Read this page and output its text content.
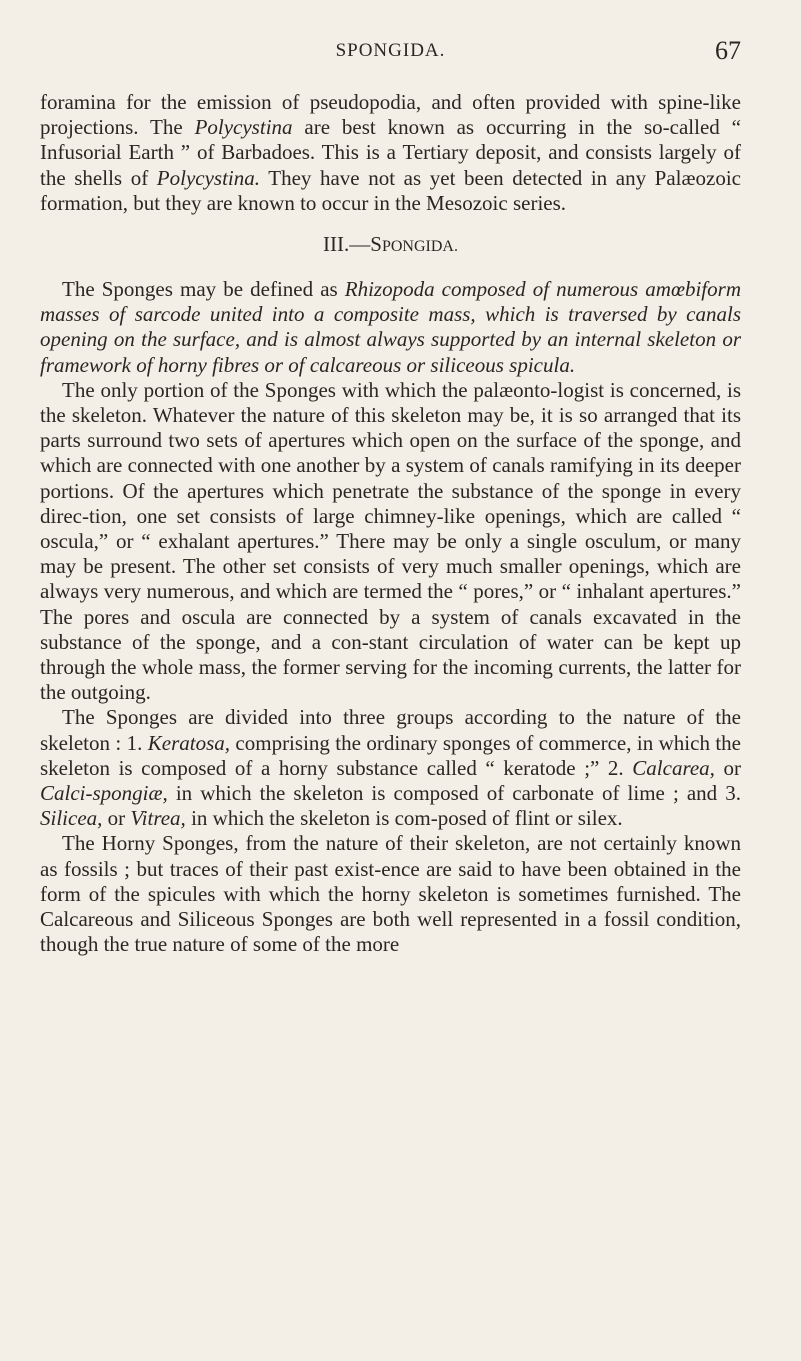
SPONGIDA.	67

foramina for the emission of pseudopodia, and often provided with spine-like projections. The Polycystina are best known as occurring in the so-called “ Infusorial Earth ” of Barbadoes. This is a Tertiary deposit, and consists largely of the shells of Polycystina. They have not as yet been detected in any Palæozoic formation, but they are known to occur in the Mesozoic series.

III.—SPONGIDA.

The Sponges may be defined as Rhizopoda composed of numerous amœbiform masses of sarcode united into a composite mass, which is traversed by canals opening on the surface, and is almost always supported by an internal skeleton or framework of horny fibres or of calcareous or siliceous spicula.

The only portion of the Sponges with which the palæonto-logist is concerned, is the skeleton. Whatever the nature of this skeleton may be, it is so arranged that its parts surround two sets of apertures which open on the surface of the sponge, and which are connected with one another by a system of canals ramifying in its deeper portions. Of the apertures which penetrate the substance of the sponge in every direc-tion, one set consists of large chimney-like openings, which are called “ oscula,” or “ exhalant apertures.” There may be only a single osculum, or many may be present. The other set consists of very much smaller openings, which are always very numerous, and which are termed the “ pores,” or “ inhalant apertures.” The pores and oscula are connected by a system of canals excavated in the substance of the sponge, and a con-stant circulation of water can be kept up through the whole mass, the former serving for the incoming currents, the latter for the outgoing.

The Sponges are divided into three groups according to the nature of the skeleton : 1. Keratosa, comprising the ordinary sponges of commerce, in which the skeleton is composed of a horny substance called “ keratode ;” 2. Calcarea, or Calci-spongiæ, in which the skeleton is composed of carbonate of lime ; and 3. Silicea, or Vitrea, in which the skeleton is com-posed of flint or silex.

The Horny Sponges, from the nature of their skeleton, are not certainly known as fossils ; but traces of their past exist-ence are said to have been obtained in the form of the spicules with which the horny skeleton is sometimes furnished. The Calcareous and Siliceous Sponges are both well represented in a fossil condition, though the true nature of some of the more
